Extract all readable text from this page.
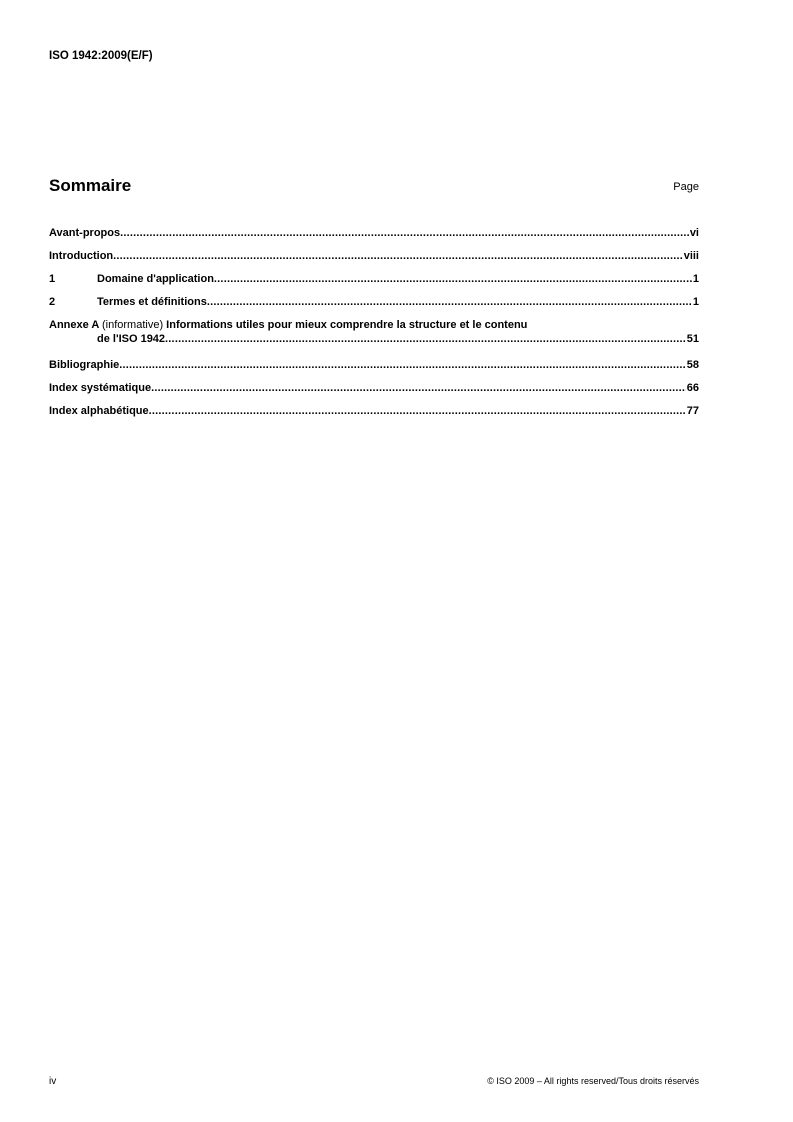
ISO 1942:2009(E/F)
Sommaire	Page
Avant-propos .....	vi
Introduction .....	viii
1	Domaine d'application .....	1
2	Termes et définitions .....	1
Annexe A (informative) Informations utiles pour mieux comprendre la structure et le contenu
de l'ISO 1942 .....	51
Bibliographie .....	58
Index systématique .....	66
Index alphabétique .....	77
iv	© ISO 2009 – All rights reserved/Tous droits réservés
